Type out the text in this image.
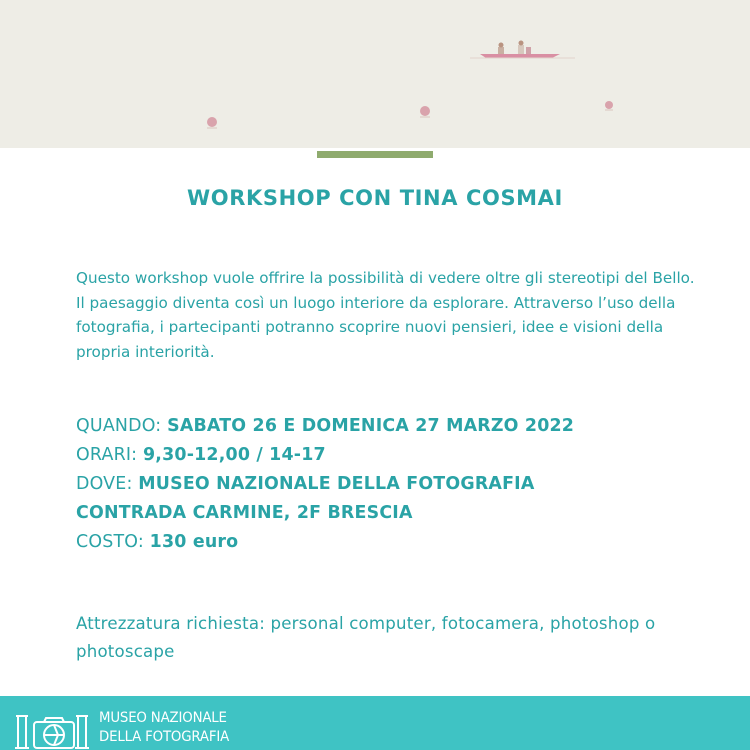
WORKSHOP CON TINA COSMAI

Questo workshop vuole offrire la possibilità di vedere oltre gli stereotipi del Bello. Il paesaggio diventa così un luogo interiore da esplorare. Attraverso l’uso della fotografia, i partecipanti potranno scoprire nuovi pensieri, idee e visioni della propria interiorità.

QUANDO: SABATO 26 E DOMENICA 27 MARZO 2022
ORARI: 9,30-12,00 / 14-17
DOVE: MUSEO NAZIONALE DELLA FOTOGRAFIA
CONTRADA CARMINE, 2F BRESCIA
COSTO: 130 euro

Attrezzatura richiesta: personal computer, fotocamera, photoshop o photoscape

MUSEO NAZIONALE
DELLA FOTOGRAFIA
